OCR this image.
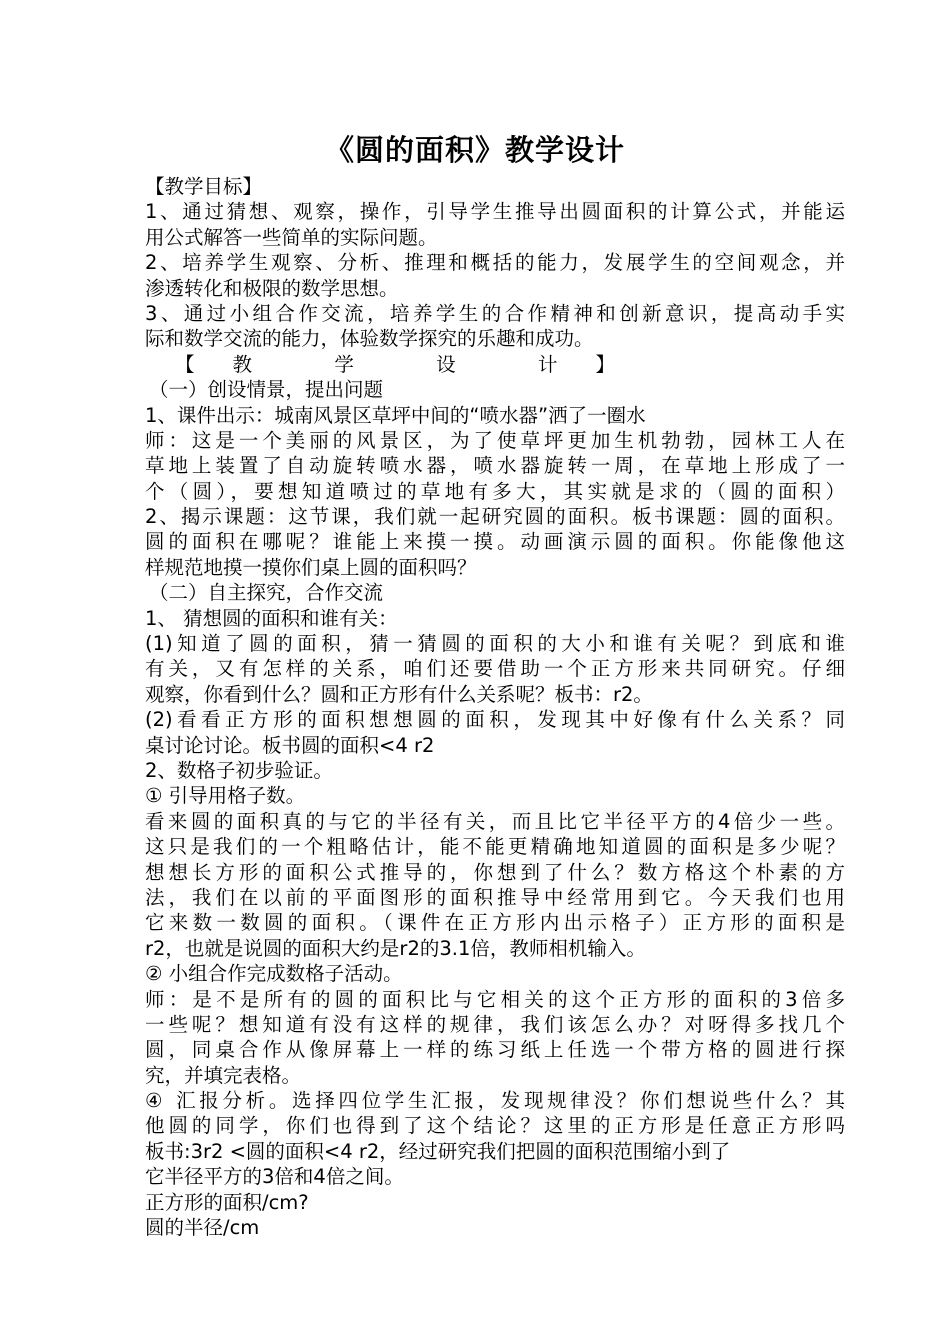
《圆的面积》教学设计
【教学目标】
1、通过猜想、观察，操作，引导学生推导出圆面积的计算公式，并能运
用公式解答一些简单的实际问题。
2、培养学生观察、分析、推理和概括的能力，发展学生的空间观念，并
渗透转化和极限的数学思想。
3、通过小组合作交流，培养学生的合作精神和创新意识，提高动手实
际和数学交流的能力，体验数学探究的乐趣和成功。
【教 学 设 计】
（一）创设情景，提出问题
1、课件出示：城南风景区草坪中间的“喷水器”洒了一圈水
师：这是一个美丽的风景区，为了使草坪更加生机勃勃，园林工人在
草地上装置了自动旋转喷水器，喷水器旋转一周，在草地上形成了一
个（圆），要想知道喷过的草地有多大，其实就是求的（圆的面积）
2、揭示课题：这节课，我们就一起研究圆的面积。板书课题：圆的面积。
圆的面积在哪呢？谁能上来摸一摸。动画演示圆的面积。你能像他这
样规范地摸一摸你们桌上圆的面积吗？
（二）自主探究，合作交流
1、 猜想圆的面积和谁有关：
(1)知道了圆的面积，猜一猜圆的面积的大小和谁有关呢？到底和谁
有关，又有怎样的关系，咱们还要借助一个正方形来共同研究。仔细
观察，你看到什么？圆和正方形有什么关系呢？板书：r2。
(2)看看正方形的面积想想圆的面积，发现其中好像有什么关系？同
桌讨论讨论。板书圆的面积<4 r2
2、数格子初步验证。
① 引导用格子数。
看来圆的面积真的与它的半径有关，而且比它半径平方的4倍少一些。
这只是我们的一个粗略估计，能不能更精确地知道圆的面积是多少呢？
想想长方形的面积公式推导的，你想到了什么？数方格这个朴素的方
法，我们在以前的平面图形的面积推导中经常用到它。今天我们也用
它来数一数圆的面积。（课件在正方形内出示格子）正方形的面积是
r2，也就是说圆的面积大约是r2的3.1倍，教师相机输入。
② 小组合作完成数格子活动。
师：是不是所有的圆的面积比与它相关的这个正方形的面积的3倍多
一些呢？想知道有没有这样的规律，我们该怎么办？对呀得多找几个
圆，同桌合作从像屏幕上一样的练习纸上任选一个带方格的圆进行探
究，并填完表格。
④ 汇报分析。选择四位学生汇报，发现规律没？你们想说些什么？其
他圆的同学，你们也得到了这个结论？这里的正方形是任意正方形吗
板书:3r2 <圆的面积<4 r2，经过研究我们把圆的面积范围缩小到了
它半径平方的3倍和4倍之间。
正方形的面积/cm?
圆的半径/cm
